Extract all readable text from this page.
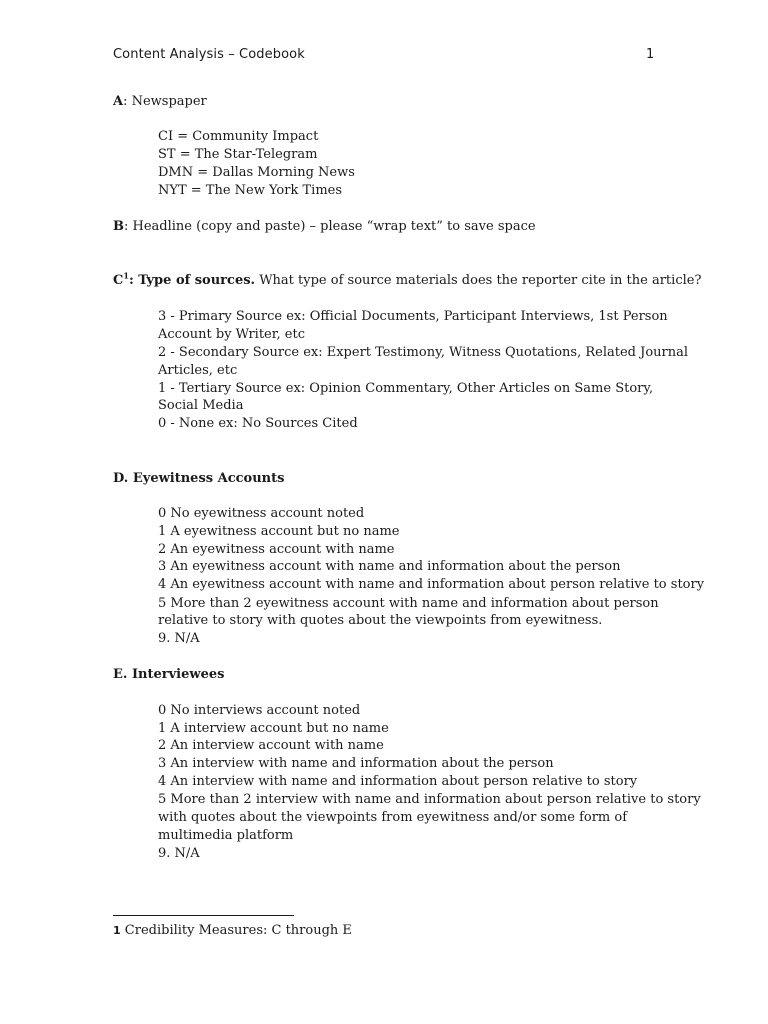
Content Analysis – Codebook	1
A: Newspaper
CI = Community Impact
ST = The Star-Telegram
DMN = Dallas Morning News
NYT = The New York Times
B: Headline (copy and paste) – please “wrap text” to save space
$C^1$: Type of sources. What type of source materials does the reporter cite in the article?
3 - Primary Source ex: Official Documents, Participant Interviews, 1st Person
Account by Writer, etc
2 - Secondary Source ex: Expert Testimony, Witness Quotations, Related Journal
Articles, etc
1 - Tertiary Source ex: Opinion Commentary, Other Articles on Same Story,
Social Media
0 - None ex: No Sources Cited
D. Eyewitness Accounts
0 No eyewitness account noted
1 A eyewitness account but no name
2 An eyewitness account with name
3 An eyewitness account with name and information about the person
4 An eyewitness account with name and information about person relative to story
5 More than 2 eyewitness account with name and information about person
relative to story with quotes about the viewpoints from eyewitness.
9. N/A
E. Interviewees
0 No interviews account noted
1 A interview account but no name
2 An interview account with name
3 An interview with name and information about the person
4 An interview with name and information about person relative to story
5 More than 2 interview with name and information about person relative to story
with quotes about the viewpoints from eyewitness and/or some form of
multimedia platform
9. N/A
1 Credibility Measures: C through E
